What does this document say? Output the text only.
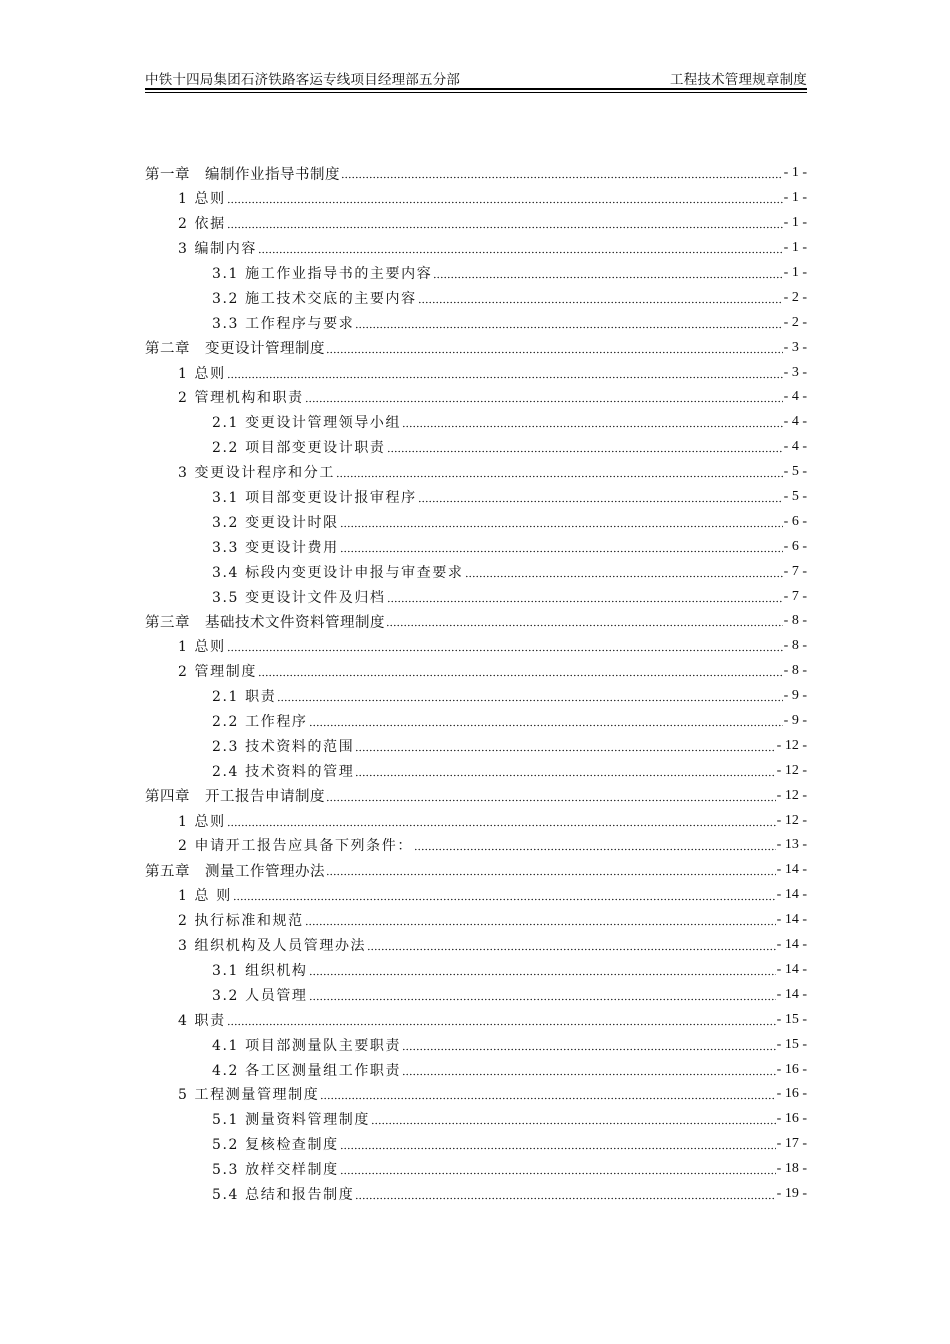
中铁十四局集团石济铁路客运专线项目经理部五分部	工程技术管理规章制度
第一章　编制作业指导书制度	- 1 -
1 总则	- 1 -
2 依据	- 1 -
3 编制内容	- 1 -
3.1 施工作业指导书的主要内容	- 1 -
3.2 施工技术交底的主要内容	- 2 -
3.3 工作程序与要求	- 2 -
第二章　变更设计管理制度	- 3 -
1 总则	- 3 -
2 管理机构和职责	- 4 -
2.1 变更设计管理领导小组	- 4 -
2.2 项目部变更设计职责	- 4 -
3 变更设计程序和分工	- 5 -
3.1 项目部变更设计报审程序	- 5 -
3.2 变更设计时限	- 6 -
3.3 变更设计费用	- 6 -
3.4 标段内变更设计申报与审查要求	- 7 -
3.5 变更设计文件及归档	- 7 -
第三章　基础技术文件资料管理制度	- 8 -
1 总则	- 8 -
2 管理制度	- 8 -
2.1 职责	- 9 -
2.2 工作程序	- 9 -
2.3 技术资料的范围	- 12 -
2.4 技术资料的管理	- 12 -
第四章　开工报告申请制度	- 12 -
1 总则	- 12 -
2 申请开工报告应具备下列条件：	- 13 -
第五章　测量工作管理办法	- 14 -
1 总 则	- 14 -
2 执行标准和规范	- 14 -
3 组织机构及人员管理办法	- 14 -
3.1 组织机构	- 14 -
3.2 人员管理	- 14 -
4 职责	- 15 -
4.1 项目部测量队主要职责	- 15 -
4.2 各工区测量组工作职责	- 16 -
5 工程测量管理制度	- 16 -
5.1 测量资料管理制度	- 16 -
5.2 复核检查制度	- 17 -
5.3 放样交样制度	- 18 -
5.4 总结和报告制度	- 19 -
